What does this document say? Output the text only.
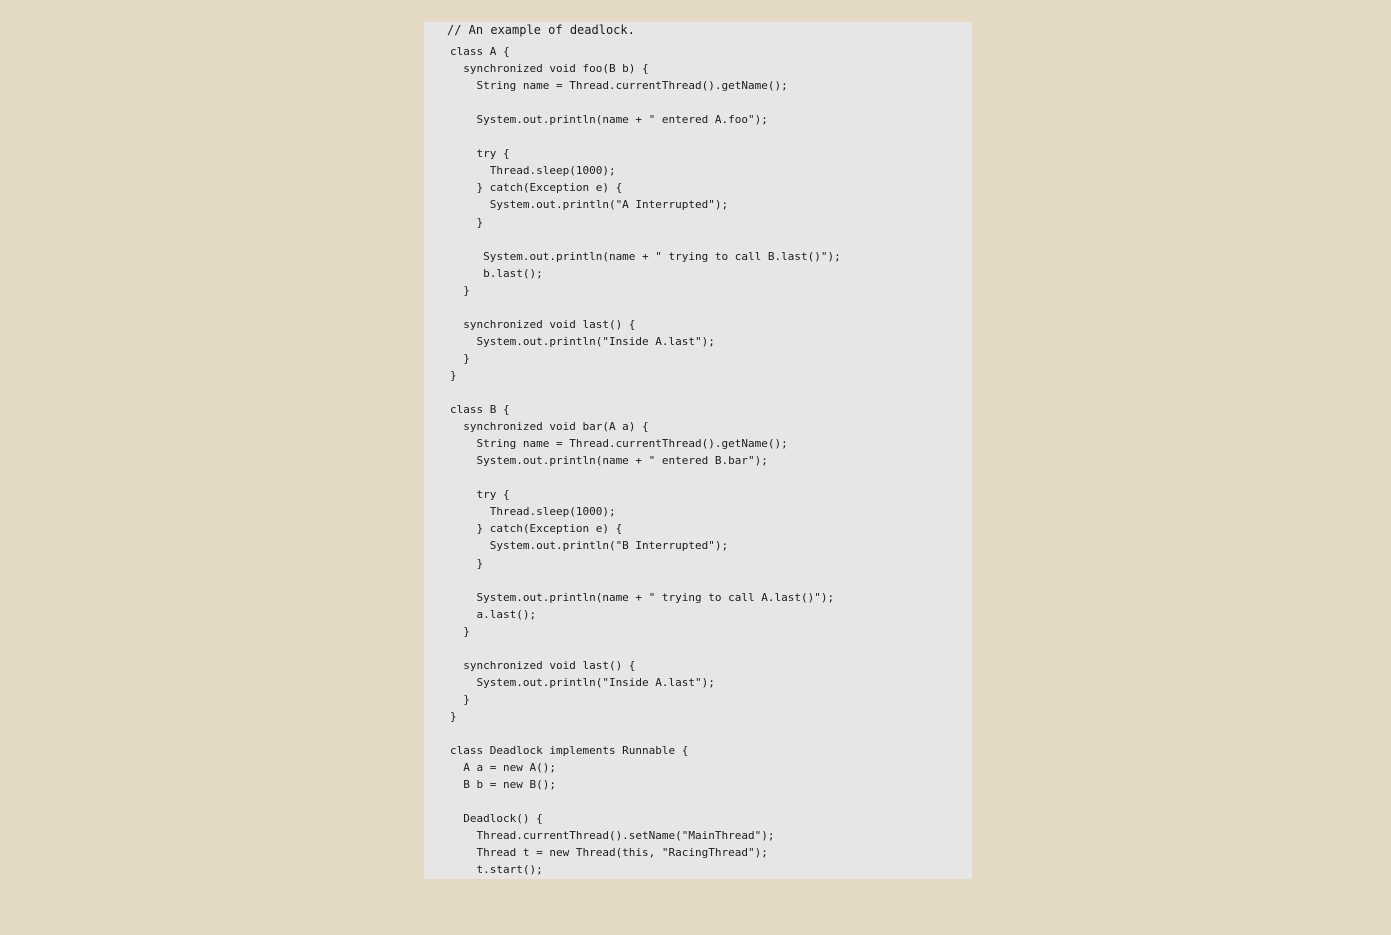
// An example of deadlock.
class A {
synchronized void foo(B b) {
String name = Thread.currentThread().getName();
System.out.println(name + " entered A.foo");
try {
Thread.sleep(1000);
} catch(Exception e) {
System.out.println("A Interrupted");
}
System.out.println(name + " trying to call B.last()");
b.last();
}
synchronized void last() {
System.out.println("Inside A.last");
}
}
class B {
synchronized void bar(A a) {
String name = Thread.currentThread().getName();
System.out.println(name + " entered B.bar");
try {
Thread.sleep(1000);
} catch(Exception e) {
System.out.println("B Interrupted");
}
System.out.println(name + " trying to call A.last()");
a.last();
}
synchronized void last() {
System.out.println("Inside A.last");
}
}
class Deadlock implements Runnable {
A a = new A();
B b = new B();
Deadlock() {
Thread.currentThread().setName("MainThread");
Thread t = new Thread(this, "RacingThread");
t.start();
